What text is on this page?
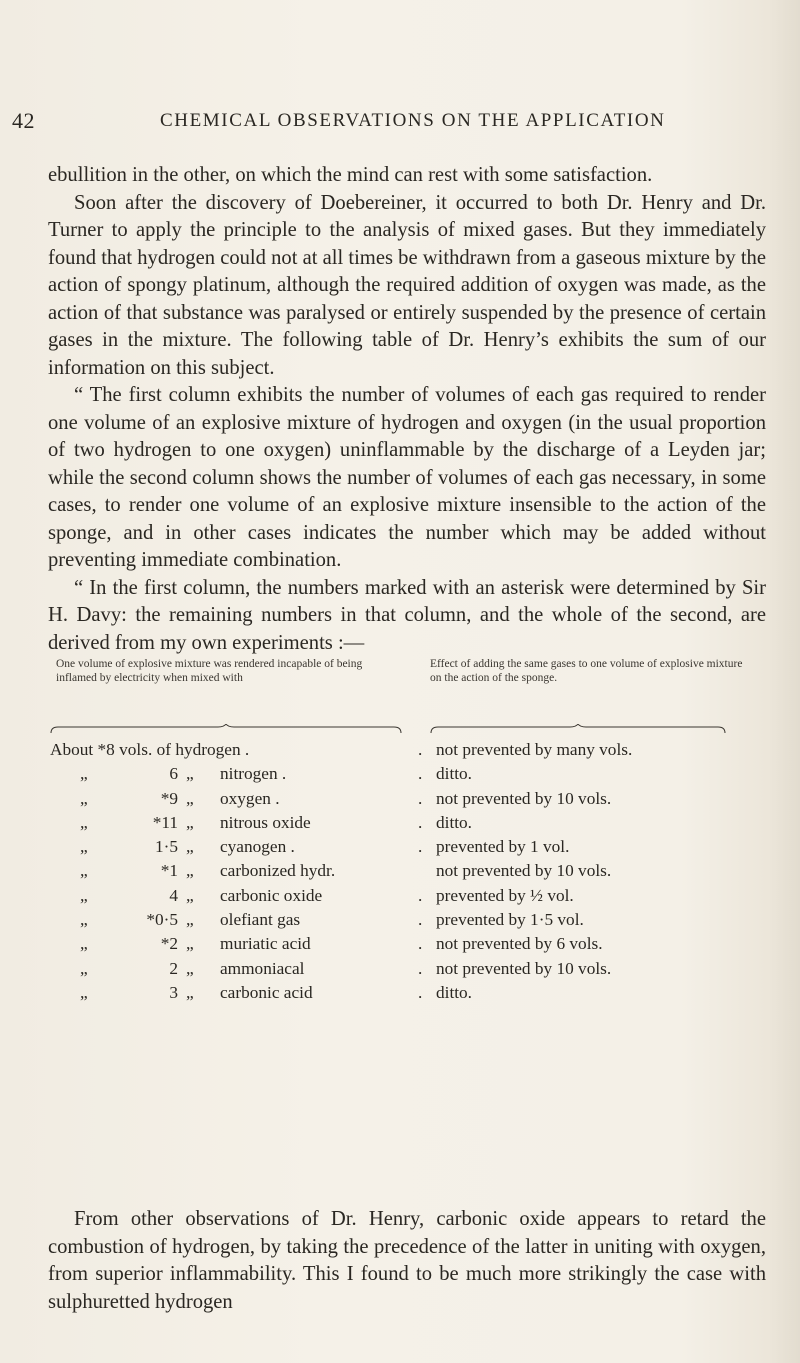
42	CHEMICAL OBSERVATIONS ON THE APPLICATION

ebullition in the other, on which the mind can rest with some satisfaction.

Soon after the discovery of Doebereiner, it occurred to both Dr. Henry and Dr. Turner to apply the principle to the analysis of mixed gases. But they immediately found that hydrogen could not at all times be withdrawn from a gaseous mixture by the action of spongy platinum, although the required addition of oxygen was made, as the action of that substance was paralysed or entirely suspended by the presence of certain gases in the mixture. The following table of Dr. Henry’s exhibits the sum of our information on this subject.

“ The first column exhibits the number of volumes of each gas required to render one volume of an explosive mixture of hydrogen and oxygen (in the usual proportion of two hydrogen to one oxygen) uninflammable by the discharge of a Leyden jar; while the second column shows the number of volumes of each gas necessary, in some cases, to render one volume of an explosive mixture insensible to the action of the sponge, and in other cases indicates the number which may be added without preventing immediate combination.

“ In the first column, the numbers marked with an asterisk were determined by Sir H. Davy: the remaining numbers in that column, and the whole of the second, are derived from my own experiments :—

One volume of explosive mixture was rendered incapable of being inflamed by electricity when mixed with
Effect of adding the same gases to one volume of explosive mixture on the action of the sponge.
About *8 vols. of hydrogen .	. not prevented by many vols.
„	6 „ nitrogen .	. ditto.
„	*9 „ oxygen .	. not prevented by 10 vols.
„	*11 „ nitrous oxide	. ditto.
„	1·5 „ cyanogen .	. prevented by 1 vol.
„	*1 „ carbonized hydr.	not prevented by 10 vols.
„	4 „ carbonic oxide	. prevented by ½ vol.
„	*0·5 „ olefiant gas	. prevented by 1·5 vol.
„	*2 „ muriatic acid	. not prevented by 6 vols.
„	2 „ ammoniacal	. not prevented by 10 vols.
„	3 „ carbonic acid	. ditto.

From other observations of Dr. Henry, carbonic oxide appears to retard the combustion of hydrogen, by taking the precedence of the latter in uniting with oxygen, from superior inflammability. This I found to be much more strikingly the case with sulphuretted hydrogen
